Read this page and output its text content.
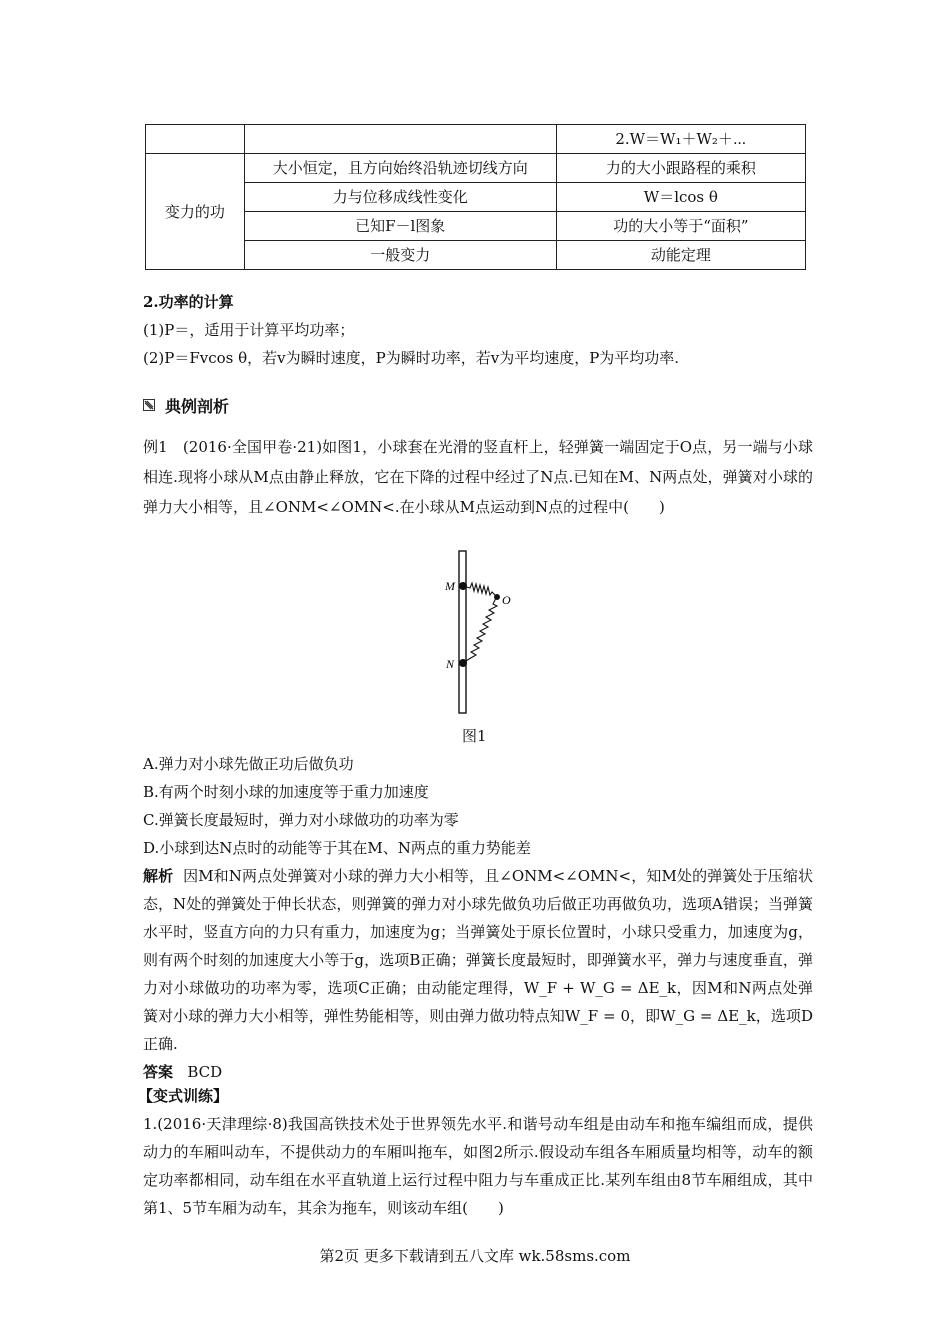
		2.W＝W₁＋W₂＋⋯
变力的功	大小恒定，且方向始终沿轨迹切线方向	力的大小跟路程的乘积
	力与位移成线性变化	W＝lcos θ
	已知F－l图象	功的大小等于“面积”
	一般变力	动能定理
2.功率的计算
(1)P＝，适用于计算平均功率；
(2)P＝Fvcos θ，若v为瞬时速度，P为瞬时功率，若v为平均速度，P为平均功率.
典例剖析
例1　(2016·全国甲卷·21)如图1，小球套在光滑的竖直杆上，轻弹簧一端固定于O点，另一端与小球相连.现将小球从M点由静止释放，它在下降的过程中经过了N点.已知在M、N两点处，弹簧对小球的弹力大小相等，且∠ONM<∠OMN<.在小球从M点运动到N点的过程中(　　)
M
N
O
图1
A.弹力对小球先做正功后做负功
B.有两个时刻小球的加速度等于重力加速度
C.弹簧长度最短时，弹力对小球做功的功率为零
D.小球到达N点时的动能等于其在M、N两点的重力势能差
解析 因M和N两点处弹簧对小球的弹力大小相等，且∠ONM<∠OMN<，知M处的弹簧处于压缩状态，N处的弹簧处于伸长状态，则弹簧的弹力对小球先做负功后做正功再做负功，选项A错误；当弹簧水平时，竖直方向的力只有重力，加速度为g；当弹簧处于原长位置时，小球只受重力，加速度为g，则有两个时刻的加速度大小等于g，选项B正确；弹簧长度最短时，即弹簧水平，弹力与速度垂直，弹力对小球做功的功率为零，选项C正确；由动能定理得，W_F + W_G = ΔE_k，因M和N两点处弹簧对小球的弹力大小相等，弹性势能相等，则由弹力做功特点知W_F = 0，即W_G = ΔE_k，选项D正确.
答案 BCD
【变式训练】
1.(2016·天津理综·8)我国高铁技术处于世界领先水平.和谐号动车组是由动车和拖车编组而成，提供动力的车厢叫动车，不提供动力的车厢叫拖车，如图2所示.假设动车组各车厢质量均相等，动车的额定功率都相同，动车组在水平直轨道上运行过程中阻力与车重成正比.某列车组由8节车厢组成，其中第1、5节车厢为动车，其余为拖车，则该动车组(　　)
第2页 更多下载请到五八文库 wk.58sms.com
